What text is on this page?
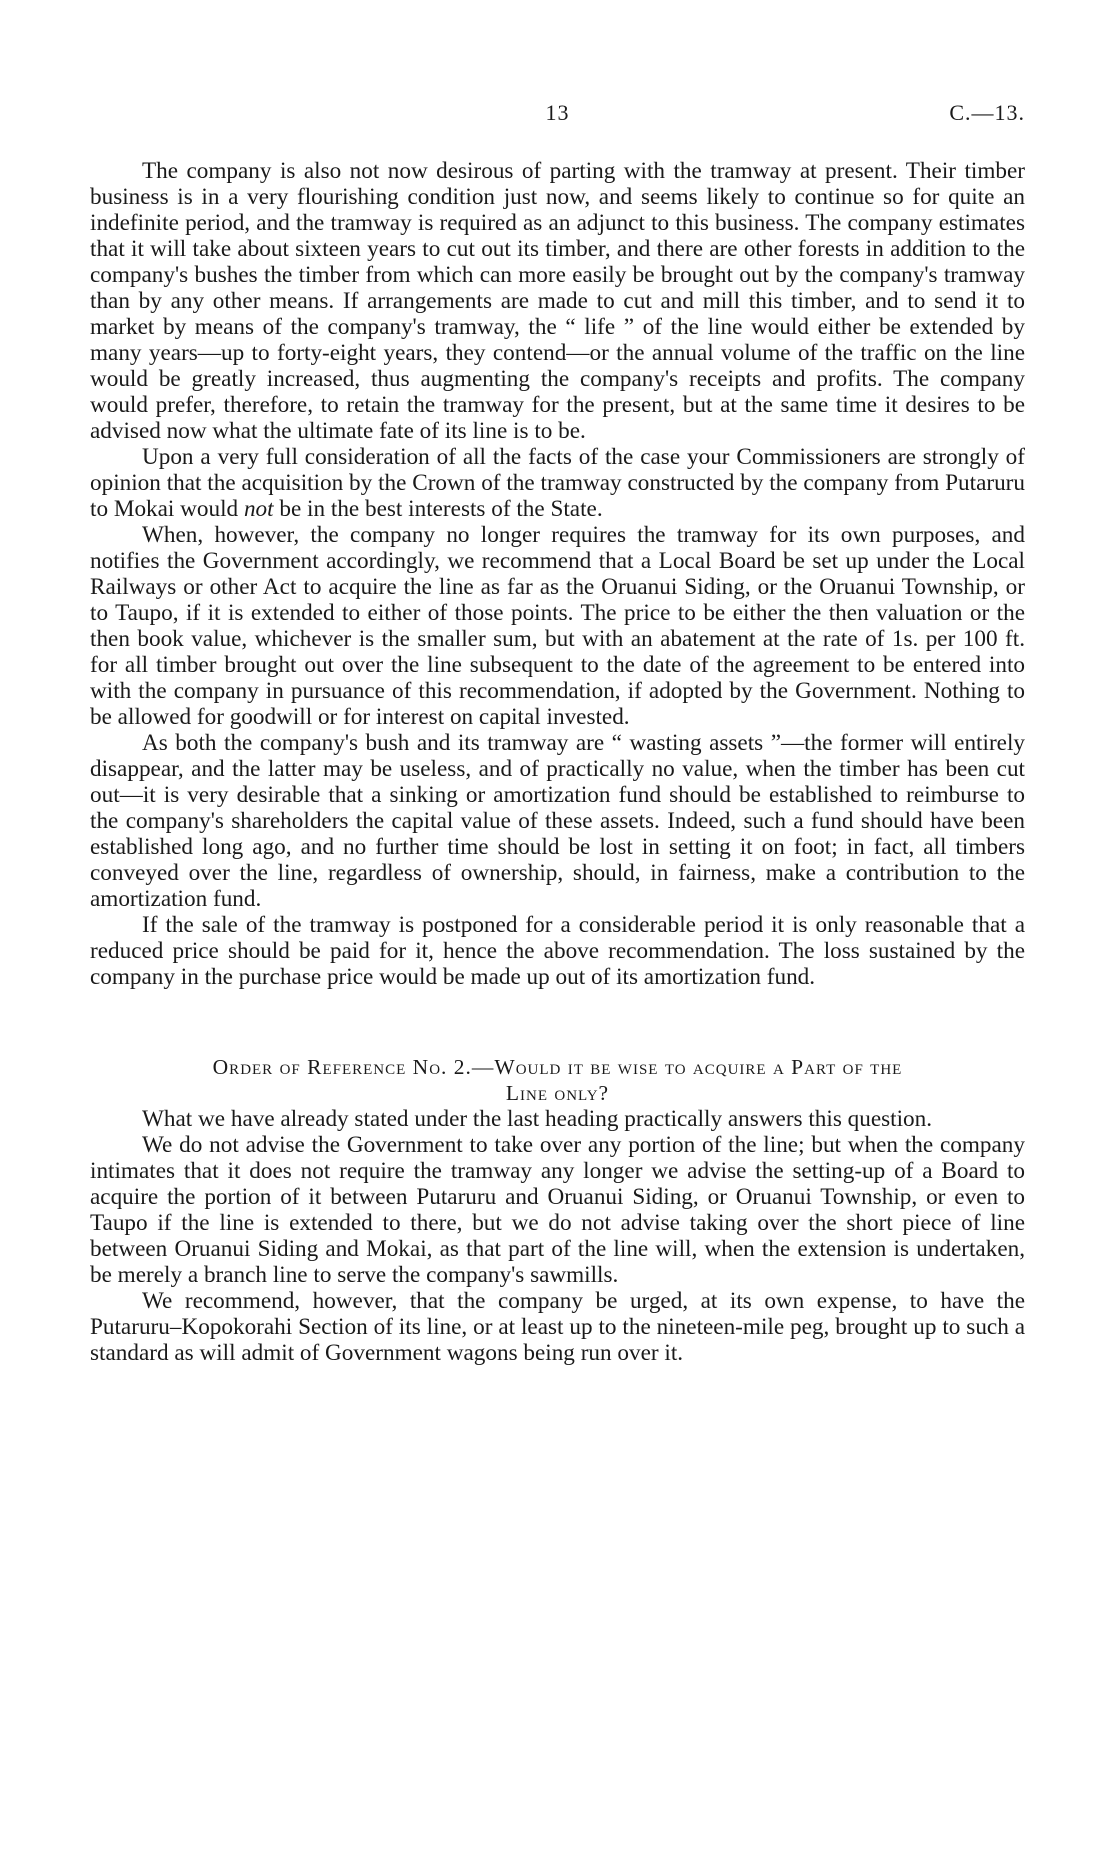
13	C.—13.

The company is also not now desirous of parting with the tramway at present. Their timber business is in a very flourishing condition just now, and seems likely to continue so for quite an indefinite period, and the tramway is required as an adjunct to this business. The company estimates that it will take about sixteen years to cut out its timber, and there are other forests in addition to the company's bushes the timber from which can more easily be brought out by the company's tramway than by any other means. If arrangements are made to cut and mill this timber, and to send it to market by means of the company's tramway, the “ life ” of the line would either be extended by many years—up to forty-eight years, they contend—or the annual volume of the traffic on the line would be greatly increased, thus augmenting the company's receipts and profits. The company would prefer, therefore, to retain the tramway for the present, but at the same time it desires to be advised now what the ultimate fate of its line is to be.

Upon a very full consideration of all the facts of the case your Commissioners are strongly of opinion that the acquisition by the Crown of the tramway constructed by the company from Putaruru to Mokai would not be in the best interests of the State.

When, however, the company no longer requires the tramway for its own purposes, and notifies the Government accordingly, we recommend that a Local Board be set up under the Local Railways or other Act to acquire the line as far as the Oruanui Siding, or the Oruanui Township, or to Taupo, if it is extended to either of those points. The price to be either the then valuation or the then book value, whichever is the smaller sum, but with an abatement at the rate of 1s. per 100 ft. for all timber brought out over the line subsequent to the date of the agreement to be entered into with the company in pursuance of this recommendation, if adopted by the Government. Nothing to be allowed for goodwill or for interest on capital invested.

As both the company's bush and its tramway are “ wasting assets ”—the former will entirely disappear, and the latter may be useless, and of practically no value, when the timber has been cut out—it is very desirable that a sinking or amortization fund should be established to reimburse to the company's shareholders the capital value of these assets. Indeed, such a fund should have been established long ago, and no further time should be lost in setting it on foot; in fact, all timbers conveyed over the line, regardless of ownership, should, in fairness, make a contribution to the amortization fund.

If the sale of the tramway is postponed for a considerable period it is only reasonable that a reduced price should be paid for it, hence the above recommendation. The loss sustained by the company in the purchase price would be made up out of its amortization fund.

Order of Reference No. 2.—Would it be wise to acquire a Part of the
Line only?

What we have already stated under the last heading practically answers this question.

We do not advise the Government to take over any portion of the line; but when the company intimates that it does not require the tramway any longer we advise the setting-up of a Board to acquire the portion of it between Putaruru and Oruanui Siding, or Oruanui Township, or even to Taupo if the line is extended to there, but we do not advise taking over the short piece of line between Oruanui Siding and Mokai, as that part of the line will, when the extension is undertaken, be merely a branch line to serve the company's sawmills.

We recommend, however, that the company be urged, at its own expense, to have the Putaruru–Kopokorahi Section of its line, or at least up to the nineteen-mile peg, brought up to such a standard as will admit of Government wagons being run over it.
